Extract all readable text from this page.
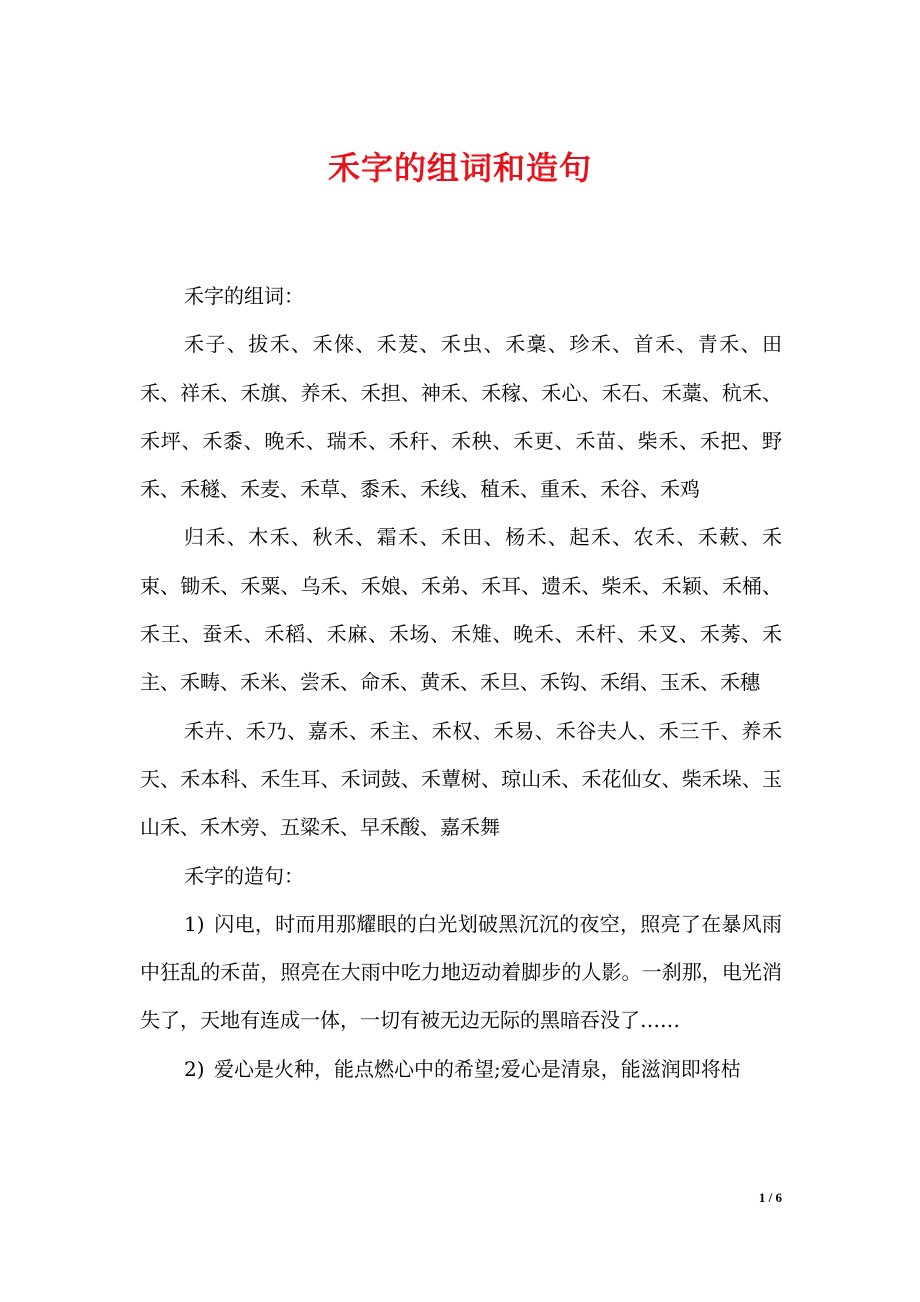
禾字的组词和造句

禾字的组词：

禾子、拔禾、禾倈、禾茇、禾虫、禾稾、珍禾、首禾、青禾、田禾、祥禾、禾旗、养禾、禾担、神禾、禾稼、禾心、禾石、禾藁、秔禾、禾坪、禾黍、晚禾、瑞禾、禾秆、禾秧、禾更、禾苗、柴禾、禾把、野禾、禾穟、禾麦、禾草、黍禾、禾线、稙禾、重禾、禾谷、禾鸡

归禾、木禾、秋禾、霜禾、禾田、杨禾、起禾、农禾、禾蔌、禾束、锄禾、禾粟、乌禾、禾娘、禾弟、禾耳、遗禾、柴禾、禾颖、禾桶、禾王、蚕禾、禾稻、禾麻、禾场、禾雉、晚禾、禾杆、禾叉、禾莠、禾主、禾畴、禾米、尝禾、命禾、黄禾、禾旦、禾钩、禾绢、玉禾、禾穗

禾卉、禾乃、嘉禾、禾主、禾权、禾易、禾谷夫人、禾三千、养禾天、禾本科、禾生耳、禾词鼓、禾蕈树、琼山禾、禾花仙女、柴禾垛、玉山禾、禾木旁、五粱禾、早禾酸、嘉禾舞

禾字的造句：

1) 闪电，时而用那耀眼的白光划破黑沉沉的夜空，照亮了在暴风雨中狂乱的禾苗，照亮在大雨中吃力地迈动着脚步的人影。一刹那，电光消失了，天地有连成一体，一切有被无边无际的黑暗吞没了……

2) 爱心是火种，能点燃心中的希望;爱心是清泉，能滋润即将枯

1 / 6
